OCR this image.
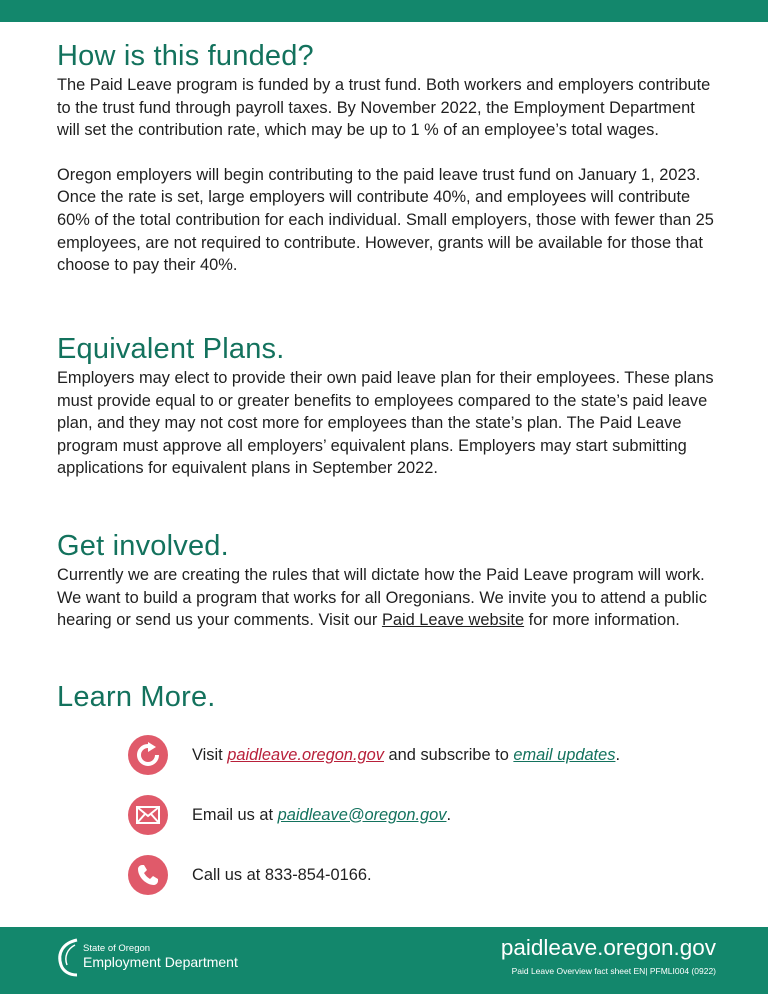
How is this funded?

The Paid Leave program is funded by a trust fund. Both workers and employers contribute to the trust fund through payroll taxes. By November 2022, the Employment Department will set the contribution rate, which may be up to 1 % of an employee’s total wages.

Oregon employers will begin contributing to the paid leave trust fund on January 1, 2023. Once the rate is set, large employers will contribute 40%, and employees will contribute 60% of the total contribution for each individual. Small employers, those with fewer than 25 employees, are not required to contribute. However, grants will be available for those that choose to pay their 40%.

Equivalent Plans.

Employers may elect to provide their own paid leave plan for their employees. These plans must provide equal to or greater benefits to employees compared to the state’s paid leave plan, and they may not cost more for employees than the state’s plan. The Paid Leave program must approve all employers’ equivalent plans. Employers may start submitting applications for equivalent plans in September 2022.

Get involved.

Currently we are creating the rules that will dictate how the Paid Leave program will work. We want to build a program that works for all Oregonians. We invite you to attend a public hearing or send us your comments. Visit our Paid Leave website for more information.

Learn More.
Visit paidleave.oregon.gov and subscribe to email updates.
Email us at paidleave@oregon.gov.
Call us at 833-854-0166.
State of Oregon
Employment Department
paidleave.oregon.gov
Paid Leave Overview fact sheet EN| PFMLI004 (0922)
